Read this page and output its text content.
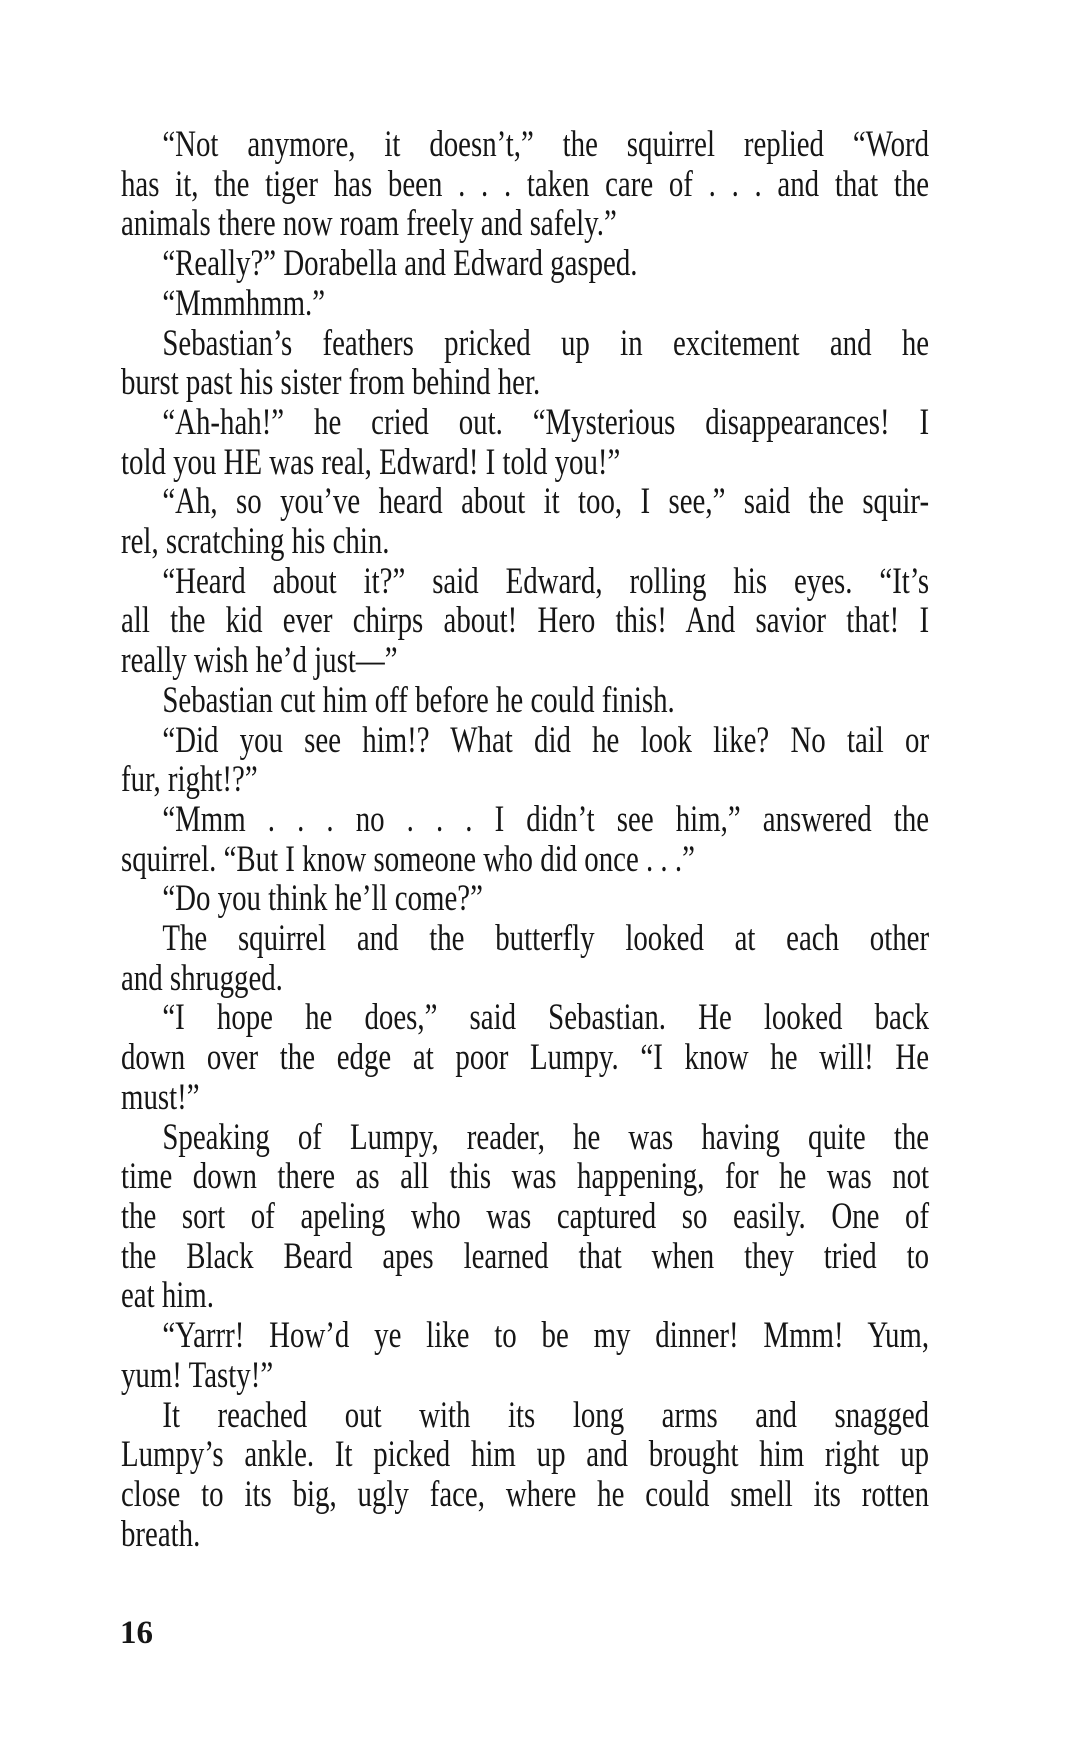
“Not anymore, it doesn’t,” the squirrel replied “Word
has it, the tiger has been . . . taken care of . . . and that the
animals there now roam freely and safely.”
“Really?” Dorabella and Edward gasped.
“Mmmhmm.”
Sebastian’s feathers pricked up in excitement and he
burst past his sister from behind her.
“Ah-hah!” he cried out. “Mysterious disappearances! I
told you HE was real, Edward! I told you!”
“Ah, so you’ve heard about it too, I see,” said the squir-
rel, scratching his chin.
“Heard about it?” said Edward, rolling his eyes. “It’s
all the kid ever chirps about! Hero this! And savior that! I
really wish he’d just—”
Sebastian cut him off before he could finish.
“Did you see him!? What did he look like? No tail or
fur, right!?”
“Mmm . . . no . . . I didn’t see him,” answered the
squirrel. “But I know someone who did once . . .”
“Do you think he’ll come?”
The squirrel and the butterfly looked at each other
and shrugged.
“I hope he does,” said Sebastian. He looked back
down over the edge at poor Lumpy. “I know he will! He
must!”
Speaking of Lumpy, reader, he was having quite the
time down there as all this was happening, for he was not
the sort of apeling who was captured so easily. One of
the Black Beard apes learned that when they tried to
eat him.
“Yarrr! How’d ye like to be my dinner! Mmm! Yum,
yum! Tasty!”
It reached out with its long arms and snagged
Lumpy’s ankle. It picked him up and brought him right up
close to its big, ugly face, where he could smell its rotten
breath.
16
